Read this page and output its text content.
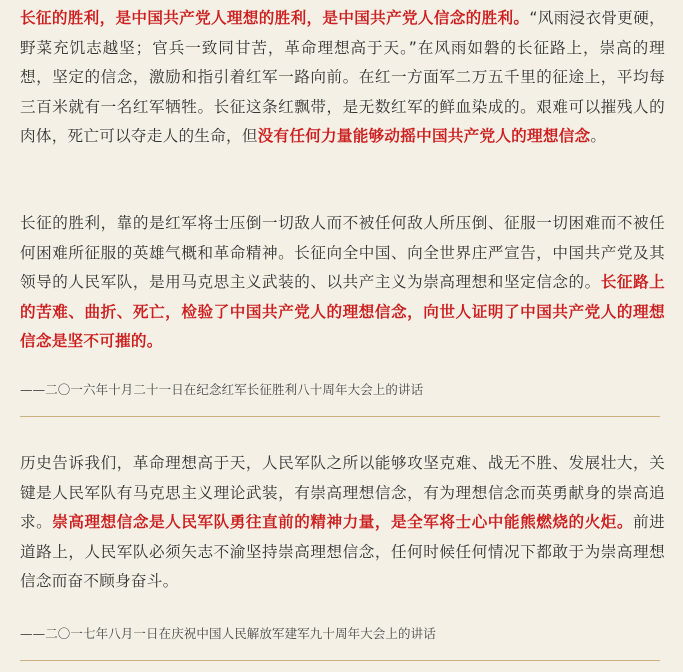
长征的胜利，是中国共产党人理想的胜利，是中国共产党人信念的胜利。“风雨浸衣骨更硬，野菜充饥志越坚；官兵一致同甘苦，革命理想高于天。”在风雨如磐的长征路上，崇高的理想，坚定的信念，激励和指引着红军一路向前。在红一方面军二万五千里的征途上，平均每三百米就有一名红军牺牲。长征这条红飘带，是无数红军的鲜血染成的。艰难可以摧残人的肉体，死亡可以夺走人的生命，但没有任何力量能够动摇中国共产党人的理想信念。

长征的胜利，靠的是红军将士压倒一切敌人而不被任何敌人所压倒、征服一切困难而不被任何困难所征服的英雄气概和革命精神。长征向全中国、向全世界庄严宣告，中国共产党及其领导的人民军队，是用马克思主义武装的、以共产主义为崇高理想和坚定信念的。长征路上的苦难、曲折、死亡，检验了中国共产党人的理想信念，向世人证明了中国共产党人的理想信念是坚不可摧的。

——二〇一六年十月二十一日在纪念红军长征胜利八十周年大会上的讲话

历史告诉我们，革命理想高于天，人民军队之所以能够攻坚克难、战无不胜、发展壮大，关键是人民军队有马克思主义理论武装，有崇高理想信念，有为理想信念而英勇献身的崇高追求。崇高理想信念是人民军队勇往直前的精神力量，是全军将士心中能熊燃烧的火炬。前进道路上，人民军队必须矢志不渝坚持崇高理想信念，任何时候任何情况下都敢于为崇高理想信念而奋不顾身奋斗。

——二〇一七年八月一日在庆祝中国人民解放军建军九十周年大会上的讲话
